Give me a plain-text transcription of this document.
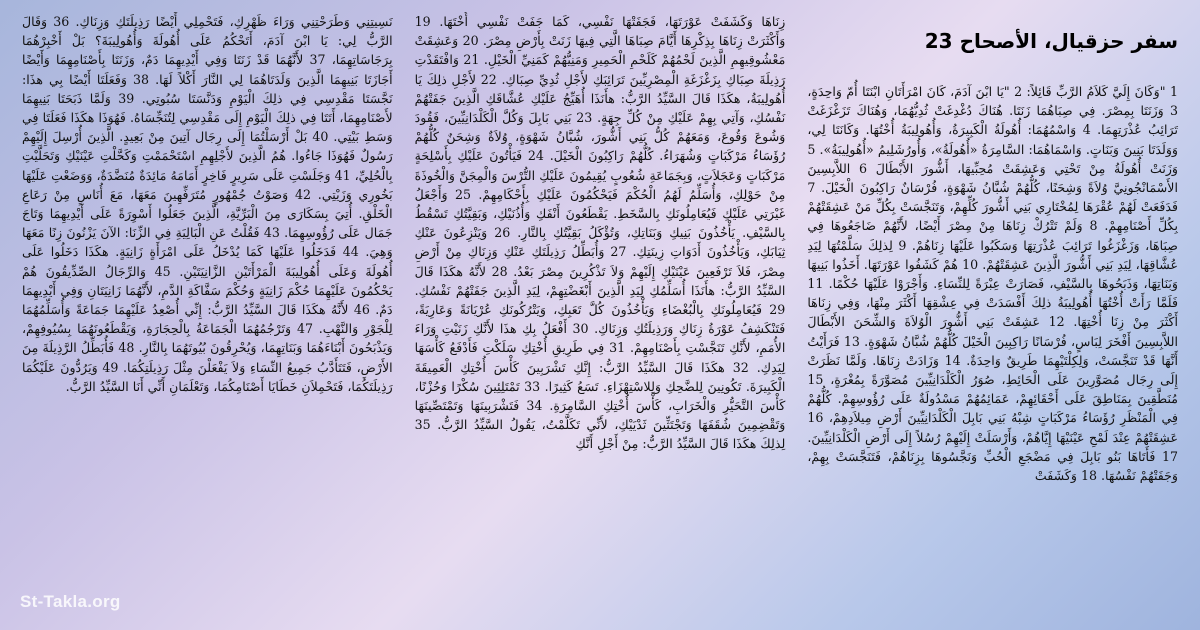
سفر حزقيال، الأصحاح 23
1 "وَكَانَ إِلَيَّ كَلاَمُ الرَّبِّ قَائِلاً: 2 "يَا ابْنَ آدَمَ، كَانَ امْرَأَتَانِ ابْنَتَا أُمّ وَاحِدَةٍ، 3 وَزَنَتَا بِمِصْرَ. فِي صِبَاهُمَا زَنَتَا. هُنَاكَ دُغْدِغَتْ ثُدِيُّهُمَا، وَهُنَاكَ تَزَغْزَغَتْ تَرَائِبُ عُذْرَتِهِمَا. 4 وَاسْمُهُمَا: أُهُولَةُ الْكَبِيرَةُ، وَأُهُولِيبَةُ أُخْتُهَا. وَكَانَتَا لِي، وَوَلَدَتَا بَنِينَ وَبَنَاتٍ. وَاسْمَاهُمَا: السَّامِرَةُ «أُهُولَةُ»، وَأُورُشَلِيمُ «أُهُولِيبَةُ». 5 وَزَنَتْ أُهُولَةُ مِنْ تَحْتِي وَعَشِقَتْ مُحِبِّيهَا، أَشُّورَ الأَبْطَالَ 6 اللاَّبِسِينَ الأَسْمَانْجُونِيَّ وُلاَةً وَشِحَنًا، كُلُّهُمْ شُبَّانُ شَهْوَةٍ، فُرْسَانٌ رَاكِبُونَ الْخَيْلَ. 7 فَدَفَعَتْ لَهُمْ عُقْرَهَا لِمُخْتَارِي بَنِي أَشُّورَ كُلِّهِمْ، وَتَنَجَّسَتْ بِكُلِّ مَنْ عَشِقَتْهُمْ بِكُلِّ أَصْنَامِهِمْ. 8 وَلَمْ تَتْرُكْ زِنَاهَا مِنْ مِصْرَ أَيْضًا، لأَنَّهُمْ ضَاجَعُوهَا فِي صِبَاهَا، وَزَغْزَغُوا تَرَائِبَ عُذْرَتِهَا وَسَكَبُوا عَلَيْهَا زِنَاهُمْ. 9 لِذلِكَ سَلَّمْتُهَا لِيَدِ عُشَّاقِهَا، لِيَدِ بَنِي أَشُّورَ الَّذِينَ عَشِقَتْهُمْ. 10 هُمْ كَشَفُوا عَوْرَتَهَا. أَخَذُوا بَنِيهَا وَبَنَاتِهَا، وَذَبَحُوهَا بِالسَّيْفِ، فَصَارَتْ عِبْرَةً لِلنِّسَاءِ. وَأَجْرَوْا عَلَيْهَا حُكْمًا. 11 فَلَمَّا رَأَتْ أُخْتُهَا أُهُولِيبَةُ ذلِكَ أَفْسَدَتْ فِي عِشْقِهَا أَكْثَرَ مِنْهَا، وَفِي زِنَاهَا أَكْثَرَ مِنْ زِنَا أُخْتِهَا. 12 عَشِقَتْ بَنِي أَشُّورَ الْوُلاَةَ وَالشِّحَنَ الأَبْطَالَ اللاَّبِسِينَ أَفْخَرَ لِبَاسٍ، فُرْسَانًا رَاكِبِينَ الْخَيْلَ كُلُّهُمْ شُبَّانُ شَهْوَةٍ. 13 فَرَأَيْتُ أَنَّهَا قَدْ تَنَجَّسَتْ، وَلِكِلْتَيْهِمَا طَرِيقٌ وَاحِدَةٌ. 14 وَزَادَتْ زِنَاهَا. وَلَمَّا نَظَرَتْ إِلَى رِجَال مُصَوَّرِينَ عَلَى الْحَائِطِ، صُوَرُ الْكَلْدَانِيِّينَ مُصَوَّرَةً بِمُغْرَةٍ، 15 مُنَطَّقِينَ بِمَنَاطِقَ عَلَى أَحْقَائِهِمْ، عَمَائِمُهُمْ مَسْدُولَةٌ عَلَى رُؤُوسِهِمْ. كُلُّهُمْ فِي الْمَنْظَرِ رُؤَسَاءُ مَرْكَبَاتٍ شِبْهُ بَنِي بَابِلَ الْكَلْدَانِيِّينَ أَرْضِ مِيلاَدِهِمْ، 16 عَشِقَتْهُمْ عِنْدَ لَمْحِ عَيْنَيْهَا إِيَّاهُمْ، وَأَرْسَلَتْ إِلَيْهِمْ رُسُلاً إِلَى أَرْضِ الْكَلْدَانِيِّينَ. 17 فَأَتَاهَا بَنُو بَابِلَ فِي مَضْجَعِ الْحُبِّ وَنَجَّسُوهَا بِزِنَاهُمْ، فَتَنَجَّسَتْ بِهِمْ، وَجَفَتْهُمْ نَفْسُهَا. 18 وَكَشَفَتْ
زِنَاهَا وَكَشَفَتْ عَوْرَتَهَا، فَجَفَتْهَا نَفْسِي، كَمَا جَفَتْ نَفْسِي أُخْتَهَا. 19 وَأَكْثَرَتْ زِنَاهَا بِذِكْرِهَا أَيَّامَ صِبَاهَا الَّتِي فِيهَا زَنَتْ بِأَرْضِ مِصْرَ. 20 وَعَشِقَتْ مَعْشُوقِيهِمِ الَّذِينَ لَحْمُهُمْ كَلَحْمِ الْحَمِيرِ وَمَنِيُّهُمْ كَمَنِيِّ الْخَيْلِ. 21 وَافْتَقَدْتِ رَذِيلَةَ صِبَاكِ بِزَغْزَغَةِ الْمِصْرِيِّينَ تَرَائِبَكِ لأَجْلِ ثُدِيِّ صِبَاكِ. 22 لأَجْلِ ذلِكَ يَا أُهُولِيبَةُ، هكَذَا قَالَ السَّيِّدُ الرَّبُّ: هأَنَذَا أُهَيِّجُ عَلَيْكِ عُشَّاقَكِ الَّذِينَ جَفَتْهُمْ نَفْسُكِ، وَآتِي بِهِمْ عَلَيْكِ مِنْ كُلِّ جِهَةٍ. 23 بَنِي بَابِلَ وَكُلَّ الْكَلْدَانِيِّينَ، فَقُودَ وَشُوعَ وَقُوعَ، وَمَعَهُمْ كُلُّ بَنِي أَشُّورَ، شُبَّانُ شَهْوَةٍ، وُلاَةٌ وَشِحَنٌ كُلُّهُمْ رُؤَسَاءُ مَرْكَبَاتٍ وَشُهَرَاءُ. كُلُّهُمْ رَاكِبُونَ الْخَيْلَ. 24 فَيَأْتُونَ عَلَيْكِ بِأَسْلِحَةٍ مَرْكَبَاتٍ وَعَجَلاَتٍ، وَبِجَمَاعَةِ شُعُوبٍ يُقِيمُونَ عَلَيْكِ التُّرْسَ وَالْمِجَنَّ وَالْخُوذَةَ مِنْ حَوْلِكِ، وَأُسَلِّمُ لَهُمُ الْحُكْمَ فَيَحْكُمُونَ عَلَيْكِ بِأَحْكَامِهِمْ. 25 وَأَجْعَلُ غَيْرَتِي عَلَيْكِ فَيُعَامِلُونَكِ بِالسَّخَطِ. يَقْطَعُونَ أَنْفَكِ وَأُذُنَيْكِ، وَبَقِيَّتُكِ تَسْقُطُ بِالسَّيْفِ. يَأْخُذُونَ بَنِيكِ وَبَنَاتِكِ، وَتُؤْكَلُ بَقِيَّتُكِ بِالنَّارِ. 26 وَيَنْزِعُونَ عَنْكِ ثِيَابَكِ، وَيَأْخُذُونَ أَدَوَاتِ زِينَتِكِ. 27 وَأُبَطِّلُ رَذِيلَتَكِ عَنْكِ وَزِنَاكِ مِنْ أَرْضِ مِصْرَ، فَلاَ تَرْفَعِينَ عَيْنَيْكِ إِلَيْهِمْ وَلاَ تَذْكُرِينَ مِصْرَ بَعْدُ. 28 لأَنَّهُ هكَذَا قَالَ السَّيِّدُ الرَّبُّ: هأَنَذَا أُسَلِّمُكِ لِيَدِ الَّذِينَ أَبْغَضْتِهِمْ، لِيَدِ الَّذِينَ جَفَتْهُمْ نَفْسُكِ. 29 فَيُعَامِلُونَكِ بِالْبُغْضَاءِ وَيَأْخُذُونَ كُلَّ تَعَبِكِ، وَيَتْرُكُونَكِ عُرْيَانَةً وَعَارِيَةً، فَتَنْكَشِفُ عَوْرَةُ زِنَاكِ وَرَذِيلَتُكِ وَزِنَاكِ. 30 أَفْعَلُ بِكِ هذَا لأَنَّكِ زَنَيْتِ وَرَاءَ الأُمَمِ، لأَنَّكِ تَنَجَّسْتِ بِأَصْنَامِهِمْ. 31 فِي طَرِيقِ أُخْتِكِ سَلَكْتِ فَأَدْفَعُ كَأْسَهَا لِيَدِكِ. 32 هكَذَا قَالَ السَّيِّدُ الرَّبُّ: إِنَّكِ تَشْرَبِينَ كَأْسَ أُخْتِكِ الْعَمِيقَةَ الْكَبِيرَةَ. تَكُونِينَ لِلضَّحِكِ وَلِلاسْتِهْزَاءِ. تَسَعُ كَثِيرًا. 33 تَمْتَلِئِينَ سُكْرًا وَحُزْنًا، كَأْسَ التَّحَيُّرِ وَالْخَرَابِ، كَأْسَ أُخْتِكِ السَّامِرَةِ. 34 فَتَشْرَبِينَهَا وَتَمْتَصِّينَهَا وَتَقْضِمِينَ شُقَفَهَا وَتَجْتَثِّينَ ثَدْيَيْكِ، لأَنِّي تَكَلَّمْتُ، يَقُولُ السَّيِّدُ الرَّبُّ. 35 لِذلِكَ هكَذَا قَالَ السَّيِّدُ الرَّبُّ: مِنْ أَجْلِ أَنَّكِ
نَسِيتِنِي وَطَرَحْتِنِي وَرَاءَ ظَهْرِكِ، فَتَحْمِلِي أَيْضًا رَذِيلَتَكِ وَزِنَاكِ. 36 وَقَالَ الرَّبُّ لِي: يَا ابْنَ آدَمَ، أَتَحْكُمُ عَلَى أُهُولَةَ وَأُهُولِيبَةَ؟ بَلْ أَخْبِرْهُمَا بِرَجَاسَاتِهِمَا، 37 لأَنَّهُمَا قَدْ زَنَتَا وَفِي أَيْدِيهِمَا دَمٌ، وَزَنَتَا بِأَصْنَامِهِمَا وَأَيْضًا أَجَازَتَا بَنِيهِمَا الَّذِينَ وَلَدَتَاهُمَا لِي النَّارَ أَكْلاً لَهَا. 38 وَفَعَلَتَا أَيْضًا بِي هذَا: نَجَّسَتَا مَقْدِسِي فِي ذلِكَ الْيَوْمِ وَدَنَّسَتَا سُبُوتِي. 39 وَلَمَّا ذَبَحَتَا بَنِيهِمَا لأَصْنَامِهِمَا، أَتَتَا فِي ذلِكَ الْيَوْمِ إِلَى مَقْدِسِي لِتُنَجِّسَاهُ. فَهُوَذَا هكَذَا فَعَلَتَا فِي وَسَطِ بَيْتِي. 40 بَلْ أَرْسَلْتُمَا إِلَى رِجَال آتِينَ مِنْ بَعِيدٍ. الَّذِينَ أُرْسِلَ إِلَيْهِمْ رَسُولٌ فَهُوَذَا جَاءُوا. هُمُ الَّذِينَ لأَجْلِهِمِ اسْتَحْمَمْتِ وَكَحَّلْتِ عَيْنَيْكِ وَتَحَلَّيْتِ بِالْحُلِيِّ، 41 وَجَلَسْتِ عَلَى سَرِيرٍ فَاخِرٍ أَمَامَهُ مَائِدَةٌ مُنَضَّدَةٌ، وَوَضَعْتِ عَلَيْهَا بَخُورِي وَزَيْتِي. 42 وَصَوْتُ جُمْهُورٍ مُتَرَفِّهِينَ مَعَهَا، مَعَ أُنَاسٍ مِنْ رَعَاعِ الْخَلْقِ. أُتِيَ بِسَكَارَى مِنَ الْبَرِّيَّةِ، الَّذِينَ جَعَلُوا أَسْوِرَةً عَلَى أَيْدِيهِمَا وَتَاجَ جَمَال عَلَى رُؤُوسِهِمَا. 43 فَقُلْتُ عَنِ الْبَالِيَةِ فِي الزِّنَا: الآنَ يَزْنُونَ زِنًا مَعَهَا وَهِيَ. 44 فَدَخَلُوا عَلَيْهَا كَمَا يُدْخَلُ عَلَى امْرَأَةٍ زَانِيَةٍ. هكَذَا دَخَلُوا عَلَى أُهُولَةَ وَعَلَى أُهُولِيبَةَ الْمَرْأَتَيْنِ الزَّانِيَتَيْنِ. 45 وَالرِّجَالُ الصِّدِّيقُونَ هُمْ يَحْكُمُونَ عَلَيْهِمَا حُكْمَ زَانِيَةٍ وَحُكْمَ سَفَّاكَةِ الدَّمِ، لأَنَّهُمَا زَانِيَتَانِ وَفِي أَيْدِيهِمَا دَمٌ. 46 لأَنَّهُ هكَذَا قَالَ السَّيِّدُ الرَّبُّ: إِنِّي أُصْعِدُ عَلَيْهِمَا جَمَاعَةً وَأُسَلِّمُهُمَا لِلْجَوْرِ وَالنَّهْبِ. 47 وَتَرْجُمُهُمَا الْجَمَاعَةُ بِالْحِجَارَةِ، وَيَقْطَعُونَهُمَا بِسُيُوفِهِمْ، وَيَذْبَحُونَ أَبْنَاءَهُمَا وَبَنَاتِهِمَا، وَيُحْرِقُونَ بُيُوتَهُمَا بِالنَّارِ. 48 فَأُبَطِّلُ الرَّذِيلَةَ مِنَ الأَرْضِ، فَتَتَأَدَّبُ جَمِيعُ النِّسَاءِ وَلاَ يَفْعَلْنَ مِثْلَ رَذِيلَتِكُمَا. 49 وَيَرُدُّونَ عَلَيْكُمَا رَذِيلَتَكُمَا، فَتَحْمِلاَنِ خَطَايَا أَصْنَامِكُمَا، وَتَعْلَمَانِ أَنِّي أَنَا السَّيِّدُ الرَّبُّ.
St-Takla.org
